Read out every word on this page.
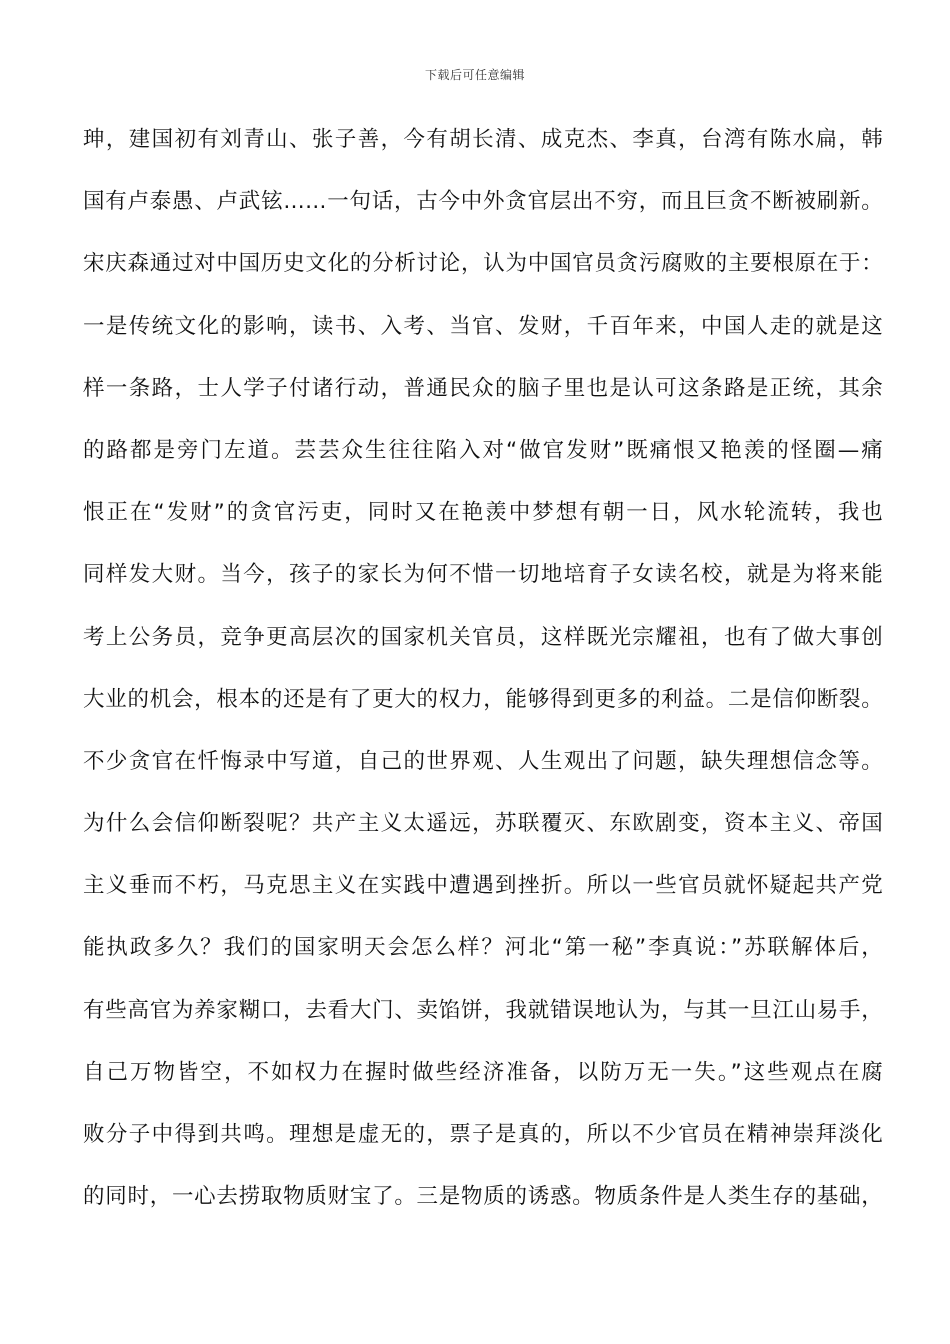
下载后可任意编辑
珅，建国初有刘青山、张子善，今有胡长清、成克杰、李真，台湾有陈水扁，韩
国有卢泰愚、卢武铉……一句话，古今中外贪官层出不穷，而且巨贪不断被刷新。
宋庆森通过对中国历史文化的分析讨论，认为中国官员贪污腐败的主要根原在于：
一是传统文化的影响，读书、入考、当官、发财，千百年来，中国人走的就是这
样一条路，士人学子付诸行动，普通民众的脑子里也是认可这条路是正统，其余
的路都是旁门左道。芸芸众生往往陷入对“做官发财”既痛恨又艳羡的怪圈—痛
恨正在“发财”的贪官污吏，同时又在艳羡中梦想有朝一日，风水轮流转，我也
同样发大财。当今，孩子的家长为何不惜一切地培育子女读名校，就是为将来能
考上公务员，竞争更高层次的国家机关官员，这样既光宗耀祖，也有了做大事创
大业的机会，根本的还是有了更大的权力，能够得到更多的利益。二是信仰断裂。
不少贪官在忏悔录中写道，自己的世界观、人生观出了问题，缺失理想信念等。
为什么会信仰断裂呢？共产主义太遥远，苏联覆灭、东欧剧变，资本主义、帝国
主义垂而不朽，马克思主义在实践中遭遇到挫折。所以一些官员就怀疑起共产党
能执政多久？我们的国家明天会怎么样？河北“第一秘”李真说：”苏联解体后，
有些高官为养家糊口，去看大门、卖馅饼，我就错误地认为，与其一旦江山易手，
自己万物皆空，不如权力在握时做些经济准备，以防万无一失。”这些观点在腐
败分子中得到共鸣。理想是虚无的，票子是真的，所以不少官员在精神崇拜淡化
的同时，一心去捞取物质财宝了。三是物质的诱惑。物质条件是人类生存的基础，
